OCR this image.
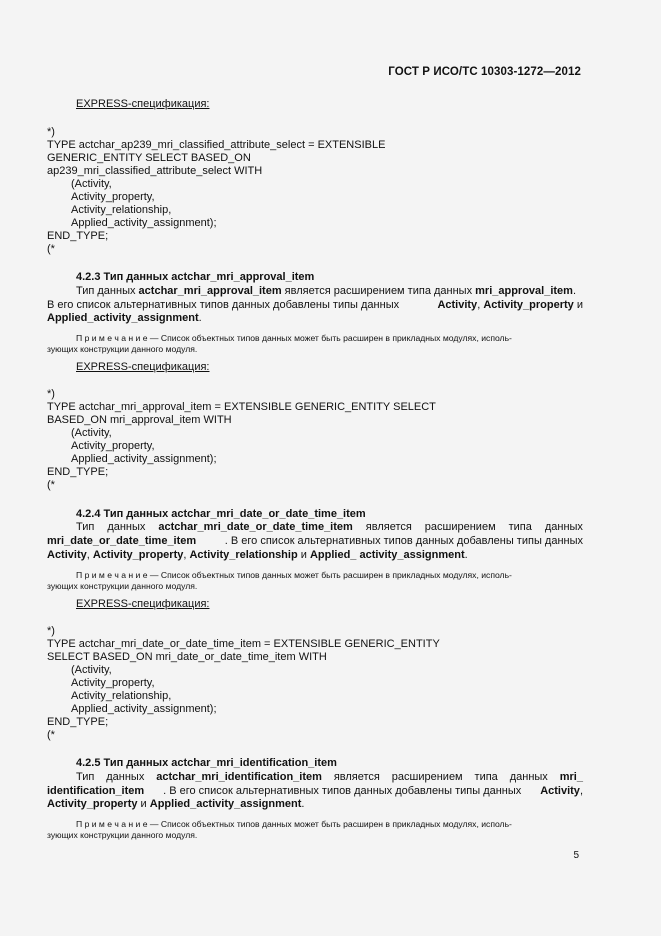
ГОСТ Р ИСО/ТС 10303-1272—2012
EXPRESS-спецификация:
*)
TYPE actchar_ap239_mri_classified_attribute_select = EXTENSIBLE
GENERIC_ENTITY SELECT BASED_ON
ap239_mri_classified_attribute_select WITH
(Activity,
Activity_property,
Activity_relationship,
Applied_activity_assignment);
END_TYPE;
(*
4.2.3 Тип данных actchar_mri_approval_item
Тип данных actchar_mri_approval_item является расширением типа данных mri_approval_item.
В его список альтернативных типов данных добавлены типы данных	Activity, Activity_property и
Applied_activity_assignment.
П р и м е ч а н и е — Список объектных типов данных может быть расширен в прикладных модулях, исполь-
зующих конструкции данного модуля.
EXPRESS-спецификация:
*)
TYPE actchar_mri_approval_item = EXTENSIBLE GENERIC_ENTITY SELECT
BASED_ON mri_approval_item WITH
(Activity,
Activity_property,
Applied_activity_assignment);
END_TYPE;
(*
4.2.4 Тип данных actchar_mri_date_or_date_time_item
Тип данных actchar_mri_date_or_date_time_item является расширением типа данных
mri_date_or_date_time_item	. В его список альтернативных типов данных добавлены типы данных
Activity, Activity_property, Activity_relationship и Applied_ activity_assignment.
П р и м е ч а н и е — Список объектных типов данных может быть расширен в прикладных модулях, исполь-
зующих конструкции данного модуля.
EXPRESS-спецификация:
*)
TYPE actchar_mri_date_or_date_time_item = EXTENSIBLE GENERIC_ENTITY
SELECT BASED_ON mri_date_or_date_time_item WITH
(Activity,
Activity_property,
Activity_relationship,
Applied_activity_assignment);
END_TYPE;
(*
4.2.5 Тип данных actchar_mri_identification_item
Тип данных actchar_mri_identification_item является расширением типа данных mri_
identification_item . В его список альтернативных типов данных добавлены типы данных Activity,
Activity_property и Applied_activity_assignment.
П р и м е ч а н и е — Список объектных типов данных может быть расширен в прикладных модулях, исполь-
зующих конструкции данного модуля.
5
